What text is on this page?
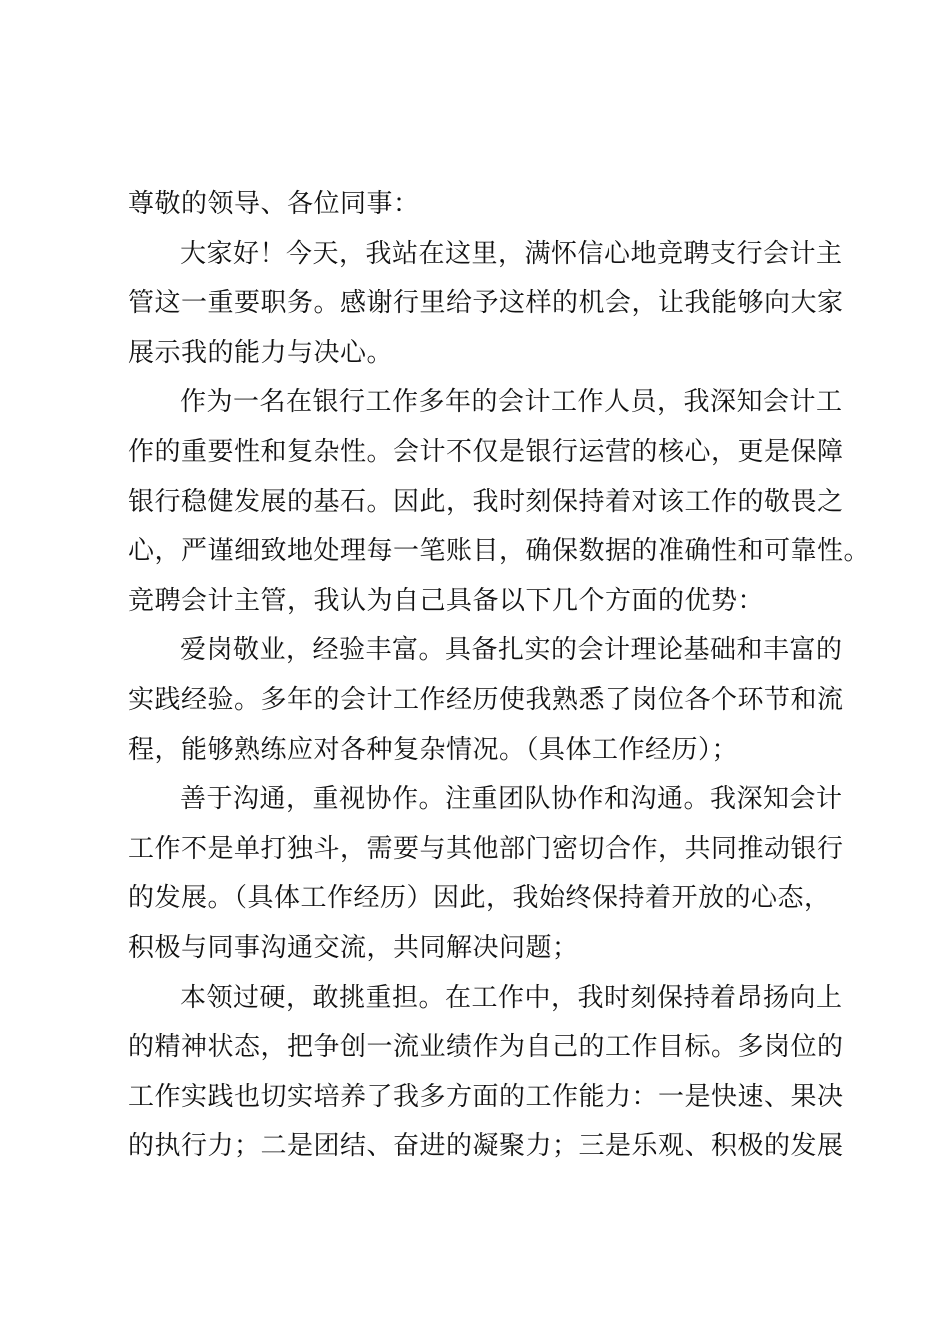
尊敬的领导、各位同事：
大家好！今天，我站在这里，满怀信心地竞聘支行会计主
管这一重要职务。感谢行里给予这样的机会，让我能够向大家
展示我的能力与决心。
作为一名在银行工作多年的会计工作人员，我深知会计工
作的重要性和复杂性。会计不仅是银行运营的核心，更是保障
银行稳健发展的基石。因此，我时刻保持着对该工作的敬畏之
心，严谨细致地处理每一笔账目，确保数据的准确性和可靠性。
竞聘会计主管，我认为自己具备以下几个方面的优势：
爱岗敬业，经验丰富。具备扎实的会计理论基础和丰富的
实践经验。多年的会计工作经历使我熟悉了岗位各个环节和流
程，能够熟练应对各种复杂情况。（具体工作经历）；
善于沟通，重视协作。注重团队协作和沟通。我深知会计
工作不是单打独斗，需要与其他部门密切合作，共同推动银行
的发展。（具体工作经历）因此，我始终保持着开放的心态，
积极与同事沟通交流，共同解决问题；
本领过硬，敢挑重担。在工作中，我时刻保持着昂扬向上
的精神状态，把争创一流业绩作为自己的工作目标。多岗位的
工作实践也切实培养了我多方面的工作能力：一是快速、果决
的执行力；二是团结、奋进的凝聚力；三是乐观、积极的发展
